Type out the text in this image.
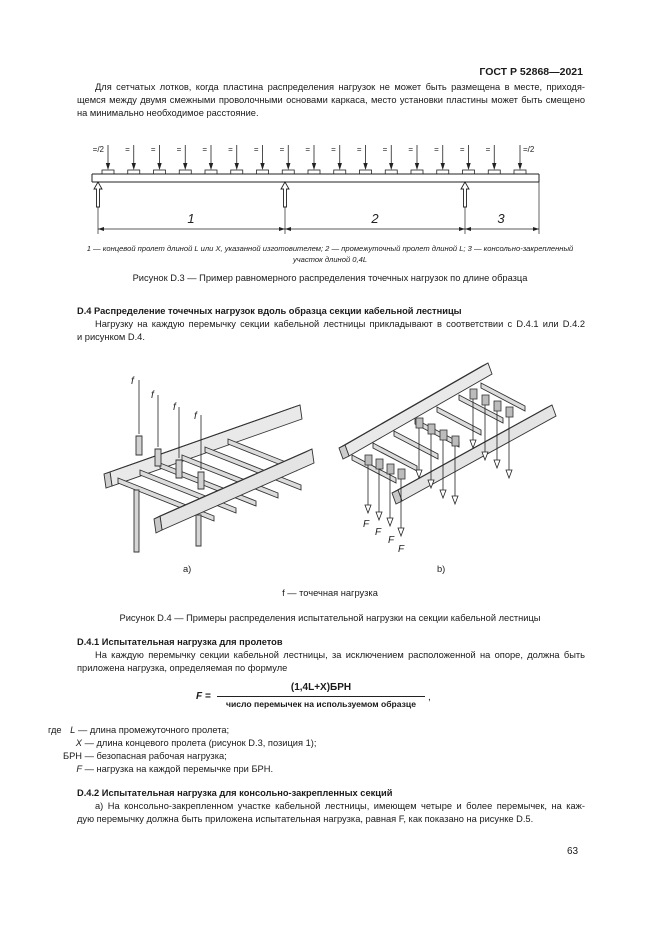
ГОСТ Р 52868—2021
Для сетчатых лотков, когда пластина распределения нагрузок не может быть размещена в месте, приходя-
щемся между двумя смежными проволочными основами каркаса, место установки пластины может быть смещено
на минимально необходимое расстояние.
=/2	=	=	=	=	=	=	=	=	=	=	=	=	=	=	=	=/2
1	2	3
1 — концевой пролет длиной L или X, указанной изготовителем; 2 — промежуточный пролет длиной L; 3 — консольно-закрепленный
участок длиной 0,4L
Рисунок D.3 — Пример равномерного распределения точечных нагрузок по длине образца
D.4 Распределение точечных нагрузок вдоль образца секции кабельной лестницы
Нагрузку на каждую перемычку секции кабельной лестницы прикладывают в соответствии с D.4.1 или D.4.2
и рисунком D.4.
f
f
f
f
F
F
F
F
а)	b)
f — точечная нагрузка
Рисунок D.4 — Примеры распределения испытательной нагрузки на секции кабельной лестницы
D.4.1 Испытательная нагрузка для пролетов
На каждую перемычку секции кабельной лестницы, за исключением расположенной на опоре, должна быть
приложена нагрузка, определяемая по формуле
F =
(1,4L+X)БРН
число перемычек на используемом образце
,
где L — длина промежуточного пролета;
X — длина концевого пролета (рисунок D.3, позиция 1);
БРН — безопасная рабочая нагрузка;
F — нагрузка на каждой перемычке при БРН.
D.4.2 Испытательная нагрузка для консольно-закрепленных секций
а) На консольно-закрепленном участке кабельной лестницы, имеющем четыре и более перемычек, на каж-
дую перемычку должна быть приложена испытательная нагрузка, равная F, как показано на рисунке D.5.
63
